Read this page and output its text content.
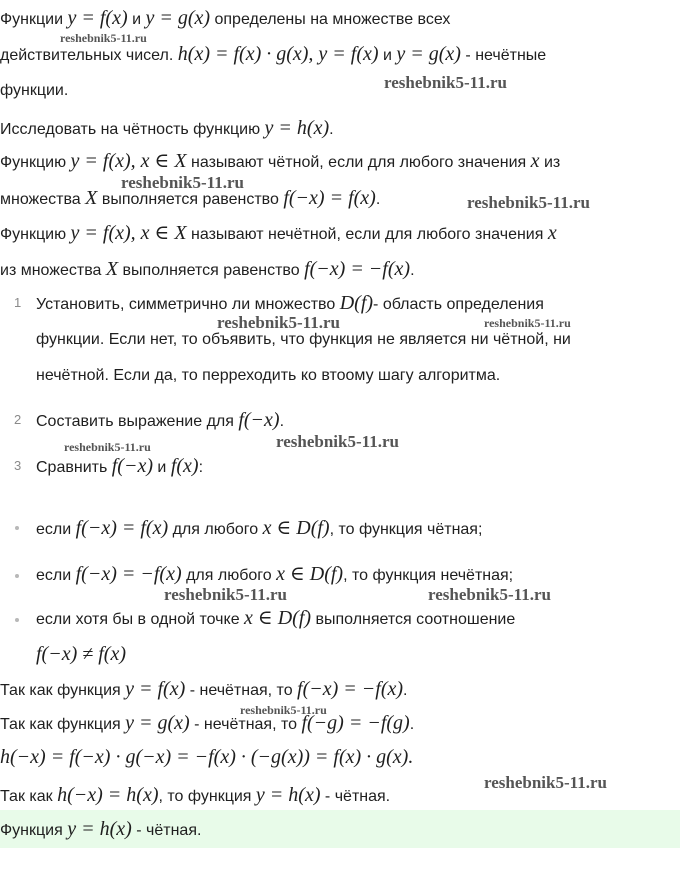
Функции y = f(x) и y = g(x) определены на множестве всех
действительных чисел. h(x) = f(x) · g(x), y = f(x) и y = g(x) - нечётные
функции.
Исследовать на чётность функцию y = h(x).
Функцию y = f(x), x ∈ X называют чётной, если для любого значения x из
множества X выполняется равенство f(−x) = f(x).
Функцию y = f(x), x ∈ X называют нечётной, если для любого значения x
из множества X выполняется равенство f(−x) = −f(x).
1 Установить, симметрично ли множество D(f)- область определения
функции. Если нет, то объявить, что функция не является ни чётной, ни
нечётной. Если да, то перреходить ко втоому шагу алгоритма.
2 Составить выражение для f(−x).
3 Сравнить f(−x) и f(x):
если f(−x) = f(x) для любого x ∈ D(f), то функция чётная;
если f(−x) = −f(x) для любого x ∈ D(f), то функция нечётная;
если хотя бы в одной точке x ∈ D(f) выполняется соотношение
f(−x) ≠ f(x)
Так как функция y = f(x) - нечётная, то f(−x) = −f(x).
Так как функция y = g(x) - нечётная, то f(−g) = −f(g).
h(−x) = f(−x) · g(−x) = −f(x) · (−g(x)) = f(x) · g(x).
Так как h(−x) = h(x), то функция y = h(x) - чётная.
Функция y = h(x) - чётная.
reshebnik5-11.ru
reshebnik5-11.ru
reshebnik5-11.ru
reshebnik5-11.ru
reshebnik5-11.ru	reshebnik5-11.ru
reshebnik5-11.ru	reshebnik5-11.ru
reshebnik5-11.ru	reshebnik5-11.ru
reshebnik5-11.ru
reshebnik5-11.ru
